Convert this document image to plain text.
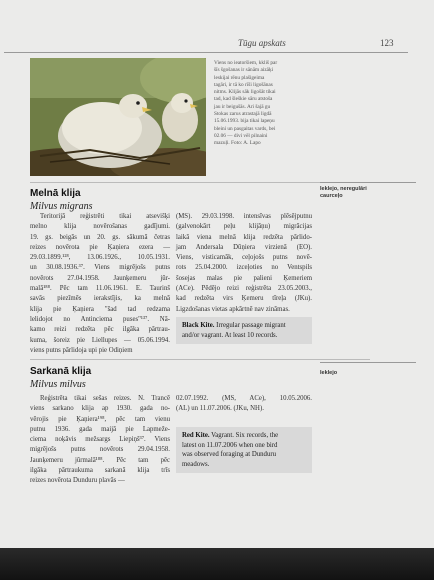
Tūgu apskats	123
Viens no ieatoršiem, kkliš par
šīs šgošanas ir sānām aizāķi
leskijai rēnu plašigeima
tagāri, ir tā ko rīši ligošānas
nitms. Klijās sāk ligošāt tikai
tad, kad šleškie sāru atstoša
jau ir beigušās. Ari šajā gu
Stokas zarus atrastajā ligdā
15.06.1993. bija tikai lapeņu
bleini un pasgaitas vards, bei
02.06 — divi vēl pilnaini
mazuļi. Foto: A. Lapo
Melnā klija
Milvus migrans
Ieklejo, neregulāri
caurceļo
Teritorijā reģistrēti tikai atsevišķi
melno klija novērošanas gadījumi.
19. gs. beigās un 20. gs. sākumā četras
reizes novērota pie Ķaņiera ezera —
29.03.1899.¹²⁸, 13.06.1926., 10.05.1931.
un 30.08.1936.³⁷. Viens migrējošs putns
novērots 27.04.1958. Jaunķemeru jūr-
malā¹⁸⁸. Pēc tam 11.06.1961. E. Taurinš
savās piezīmēs ierakstījis, ka melnā
klija pie Ķaņiera "šad tad redzama
lelidojot no Antinciema puses"¹³⁷. Nā-
kamo reizi redzēta pēc ilgāka pārtrau-
kuma, šoreiz pie Liellupes — 05.06.1994.
viens putns pārlidoja upi pie Odiņiem
(MS). 29.03.1998. intensīvas plēsējputnu
(galvenokārt peļu klijāņu) migrācijas
laikā viena melnā klija redzēta pārlido-
jam Andersala Dūņiera virzienā (EO).
Viens, visticamāk, ceļojošs putns novē-
rots 25.04.2000. izceļoties no Ventspils
šosejas malas pie palieni Ķemeriem
(ACe). Pēdējo reizi reģistrēta 23.05.2003.,
kad redzēta virs Ķemeru tīreļa (JKu).
Ligzdošanas vietas apkārtnē nav zināmas.
Black Kite. Irregular passage migrant
and/or vagrant. At least 10 records.
Sarkanā klija
Milvus milvus
Ieklejo
Reģistrēta tikai sešas reizes. N. Trancē
viens sarkano klija ap 1930. gada no-
vērojis pie Ķaņiera¹⁹⁸, pēc tam vienu
putnu 1936. gada maijā pie Lapmeže-
ciema noķāvis mežsargs Liepiņš³⁷. Viens
migrējošs putns novērots 29.04.1958.
Jaunķemeru jūrmalā¹⁸⁸. Pēc tam pēc
ilgāka pārtraukuma sarkanā klija trīs
reizes novērota Dunduru plavās —
02.07.1992. (MS, ACe), 10.05.2006.
(AL) un 11.07.2006. (JKu, NH).
Red Kite. Vagrant. Six records, the
latest on 11.07.2006 when one bird
was observed foraging at Dunduru
meadows.
